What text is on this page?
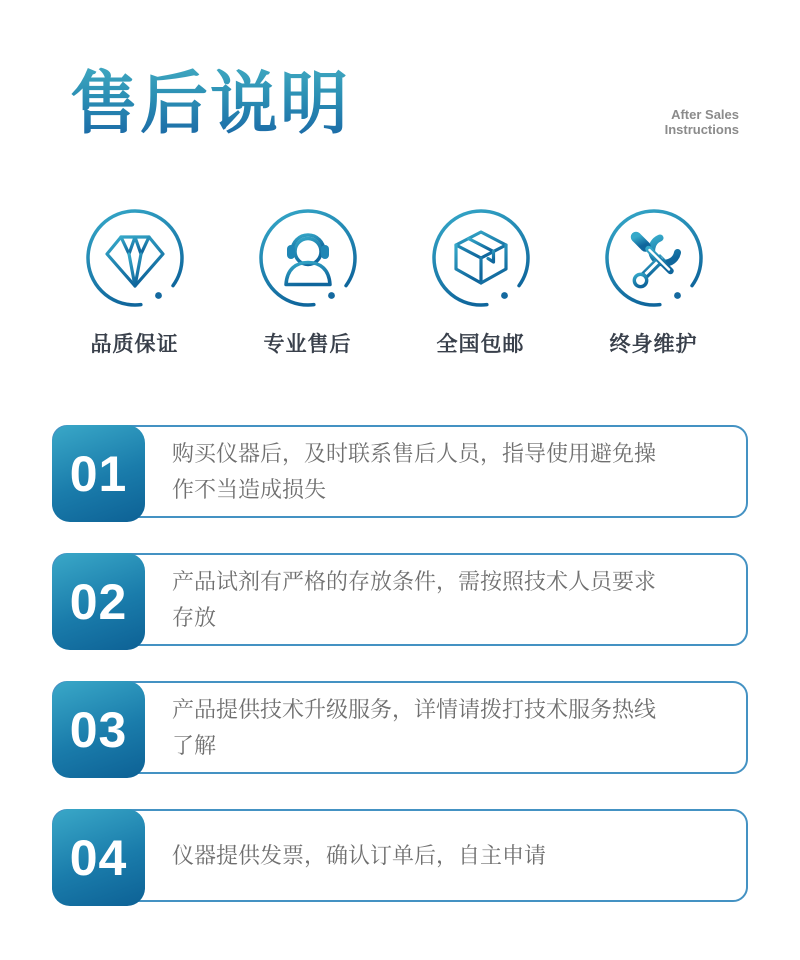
售后说明	After Sales
Instructions
品质保证	专业售后	全国包邮	终身维护
01	购买仪器后，及时联系售后人员，指导使用避免操作不当造成损失
02	产品试剂有严格的存放条件，需按照技术人员要求存放
03	产品提供技术升级服务，详情请拨打技术服务热线了解
04	仪器提供发票，确认订单后，自主申请
